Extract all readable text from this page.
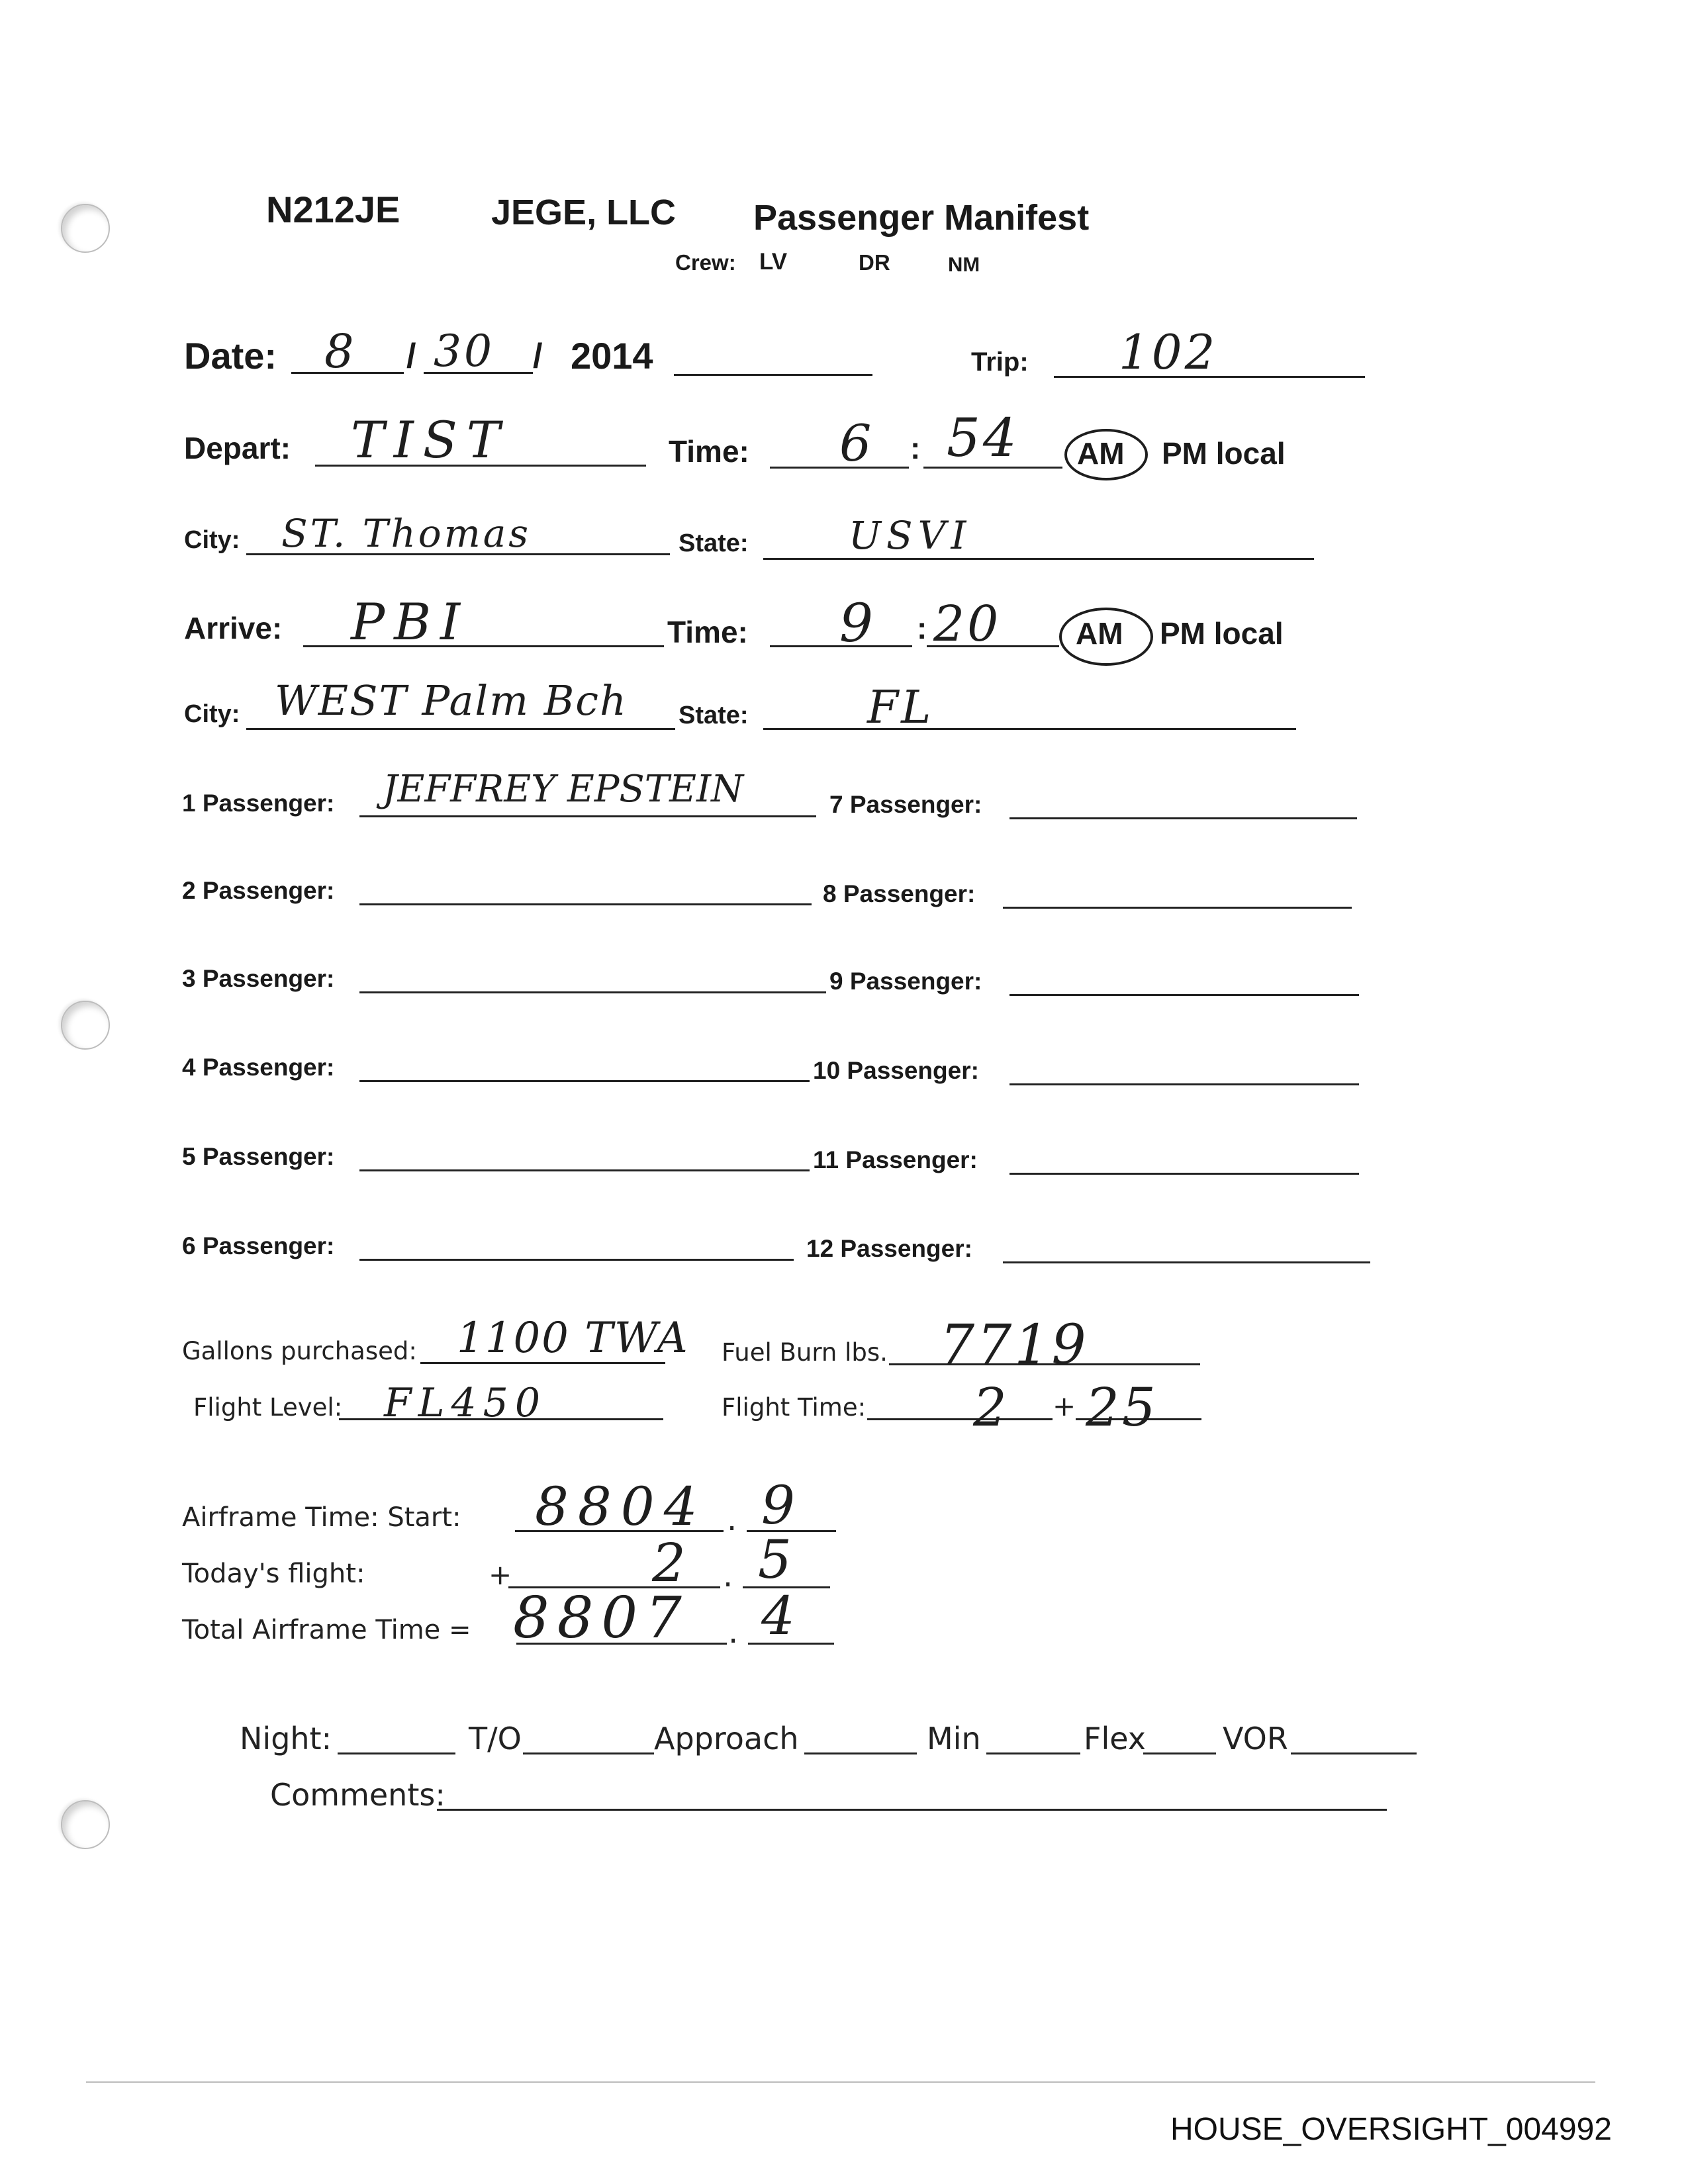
N212JE	JEGE, LLC Passenger Manifest
Crew: LV	DR	NM
Date: 8 / 30 / 2014	Trip: 102
Depart: TIST	Time: 6 : 54 AM PM local
City: ST. Thomas	State:	USVI
Arrive: PBI	Time: 9 : 20 AM PM local
City: WEST Palm Bch State:	FL
1 Passenger: JEFFREY EPSTEIN
2 Passenger:
3 Passenger:
4 Passenger:
5 Passenger:
6 Passenger:
7 Passenger:
8 Passenger:
9 Passenger:
10 Passenger:
11 Passenger:
12 Passenger:
Gallons purchased: 1100 TWA Fuel Burn lbs. 7719
Flight Level: FL450	Flight Time: 2 + 25
Airframe Time: Start: 8804 . 9
Today's flight:	+	2 . 5
Total Airframe Time = 8807 . 4
Night:	T/O	Approach	Min	Flex	VOR
Comments:
HOUSE_OVERSIGHT_004992
